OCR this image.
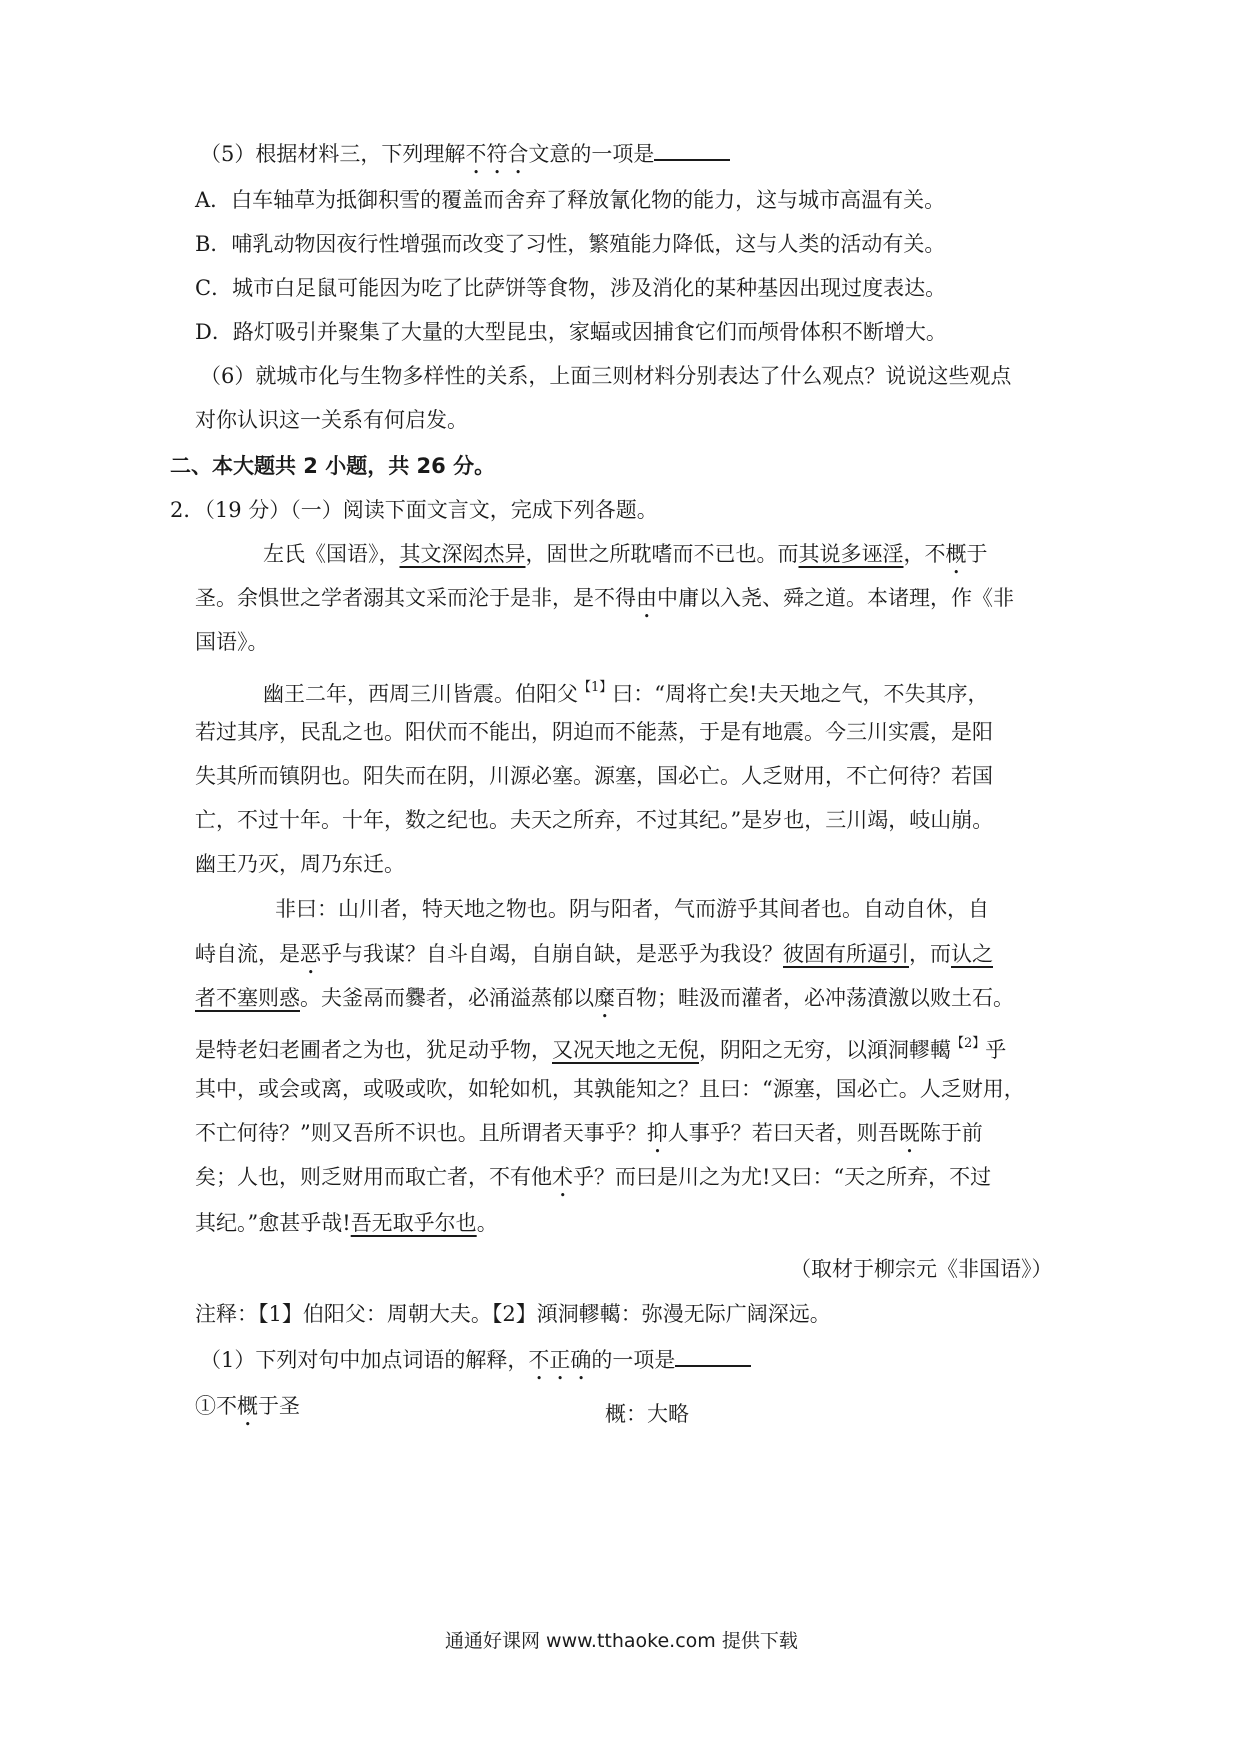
（5）根据材料三，下列理解不符合文意的一项是
A．白车轴草为抵御积雪的覆盖而舍弃了释放氰化物的能力，这与城市高温有关。
B．哺乳动物因夜行性增强而改变了习性，繁殖能力降低，这与人类的活动有关。
C．城市白足鼠可能因为吃了比萨饼等食物，涉及消化的某种基因出现过度表达。
D．路灯吸引并聚集了大量的大型昆虫，家蝠或因捕食它们而颅骨体积不断增大。
（6）就城市化与生物多样性的关系，上面三则材料分别表达了什么观点？说说这些观点
对你认识这一关系有何启发。
二、本大题共 2 小题，共 26 分。
2．（19 分）（一）阅读下面文言文，完成下列各题。
左氏《国语》，其文深闳杰异，固世之所耽嗜而不已也。而其说多诬淫，不概于
圣。余惧世之学者溺其文采而沦于是非，是不得由中庸以入尧、舜之道。本诸理，作《非
国语》。
幽王二年，西周三川皆震。伯阳父$^{【1】}$曰：“周将亡矣!夫天地之气，不失其序，
若过其序，民乱之也。阳伏而不能出，阴迫而不能蒸，于是有地震。今三川实震，是阳
失其所而镇阴也。阳失而在阴，川源必塞。源塞，国必亡。人乏财用，不亡何待？若国
亡，不过十年。十年，数之纪也。夫天之所弃，不过其纪。”是岁也，三川竭，岐山崩。
幽王乃灭，周乃东迁。
非曰：山川者，特天地之物也。阴与阳者，气而游乎其间者也。自动自休，自
峙自流，是恶乎与我谋？自斗自竭，自崩自缺，是恶乎为我设？彼固有所逼引，而认之
者不塞则惑。夫釜鬲而爨者，必涌溢蒸郁以糜百物；畦汲而灌者，必冲荡濆激以败土石。
是特老妇老圃者之为也，犹足动乎物，又况天地之无倪，阴阳之无穷，以澒洞轇轕$^{【2】}$乎
其中，或会或离，或吸或吹，如轮如机，其孰能知之？且曰：“源塞，国必亡。人乏财用，
不亡何待？”则又吾所不识也。且所谓者天事乎？抑人事乎？若曰天者，则吾既陈于前
矣；人也，则乏财用而取亡者，不有他术乎？而曰是川之为尤!又曰：“天之所弃，不过
其纪。”愈甚乎哉!吾无取乎尔也。
（取材于柳宗元《非国语》）
注释：【1】伯阳父：周朝大夫。【2】澒洞轇轕：弥漫无际广阔深远。
（1）下列对句中加点词语的解释，不正确的一项是
①不概于圣	概：大略
通通好课网 www.tthaoke.com 提供下载
